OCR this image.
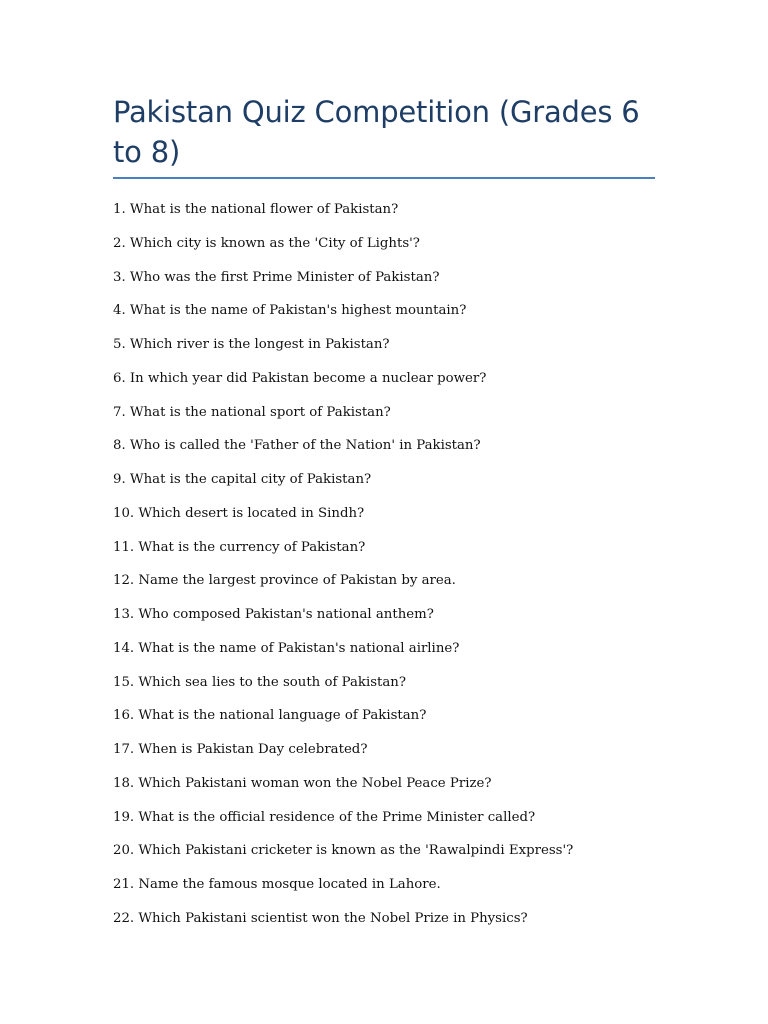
Pakistan Quiz Competition (Grades 6 to 8)
1. What is the national flower of Pakistan?
2. Which city is known as the 'City of Lights'?
3. Who was the first Prime Minister of Pakistan?
4. What is the name of Pakistan's highest mountain?
5. Which river is the longest in Pakistan?
6. In which year did Pakistan become a nuclear power?
7. What is the national sport of Pakistan?
8. Who is called the 'Father of the Nation' in Pakistan?
9. What is the capital city of Pakistan?
10. Which desert is located in Sindh?
11. What is the currency of Pakistan?
12. Name the largest province of Pakistan by area.
13. Who composed Pakistan's national anthem?
14. What is the name of Pakistan's national airline?
15. Which sea lies to the south of Pakistan?
16. What is the national language of Pakistan?
17. When is Pakistan Day celebrated?
18. Which Pakistani woman won the Nobel Peace Prize?
19. What is the official residence of the Prime Minister called?
20. Which Pakistani cricketer is known as the 'Rawalpindi Express'?
21. Name the famous mosque located in Lahore.
22. Which Pakistani scientist won the Nobel Prize in Physics?
